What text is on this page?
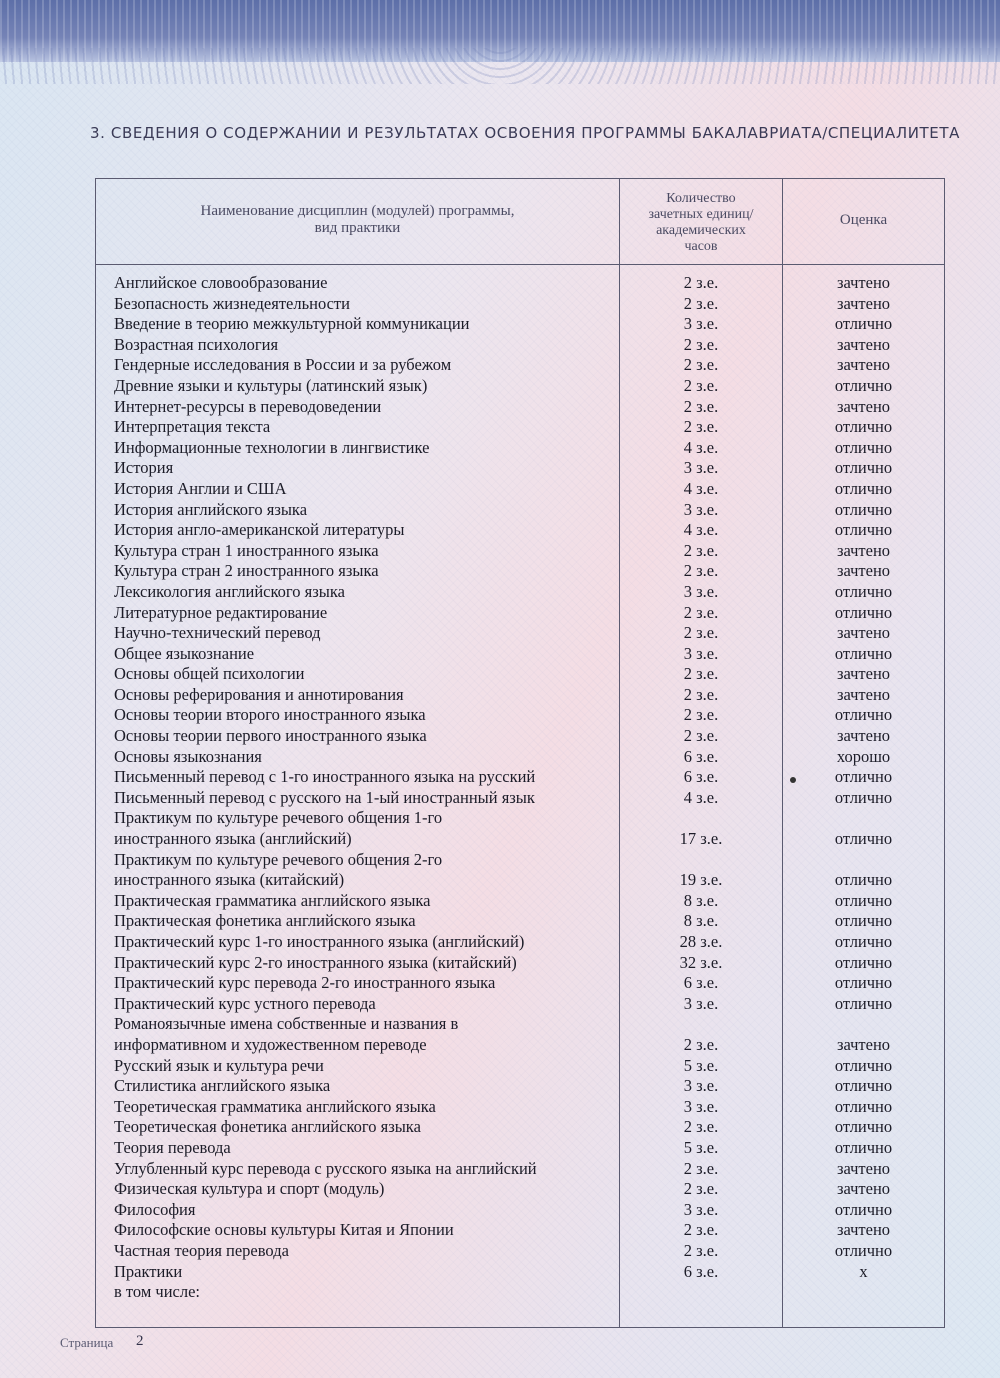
3. СВЕДЕНИЯ О СОДЕРЖАНИИ И РЕЗУЛЬТАТАХ ОСВОЕНИЯ ПРОГРАММЫ БАКАЛАВРИАТА/СПЕЦИАЛИТЕТА
Наименование дисциплин (модулей) программы,
вид практики
Количество
зачетных единиц/
академических
часов
Оценка
Английское словообразование	2 з.е.	зачтено
Безопасность жизнедеятельности	2 з.е.	зачтено
Введение в теорию межкультурной коммуникации	3 з.е.	отлично
Возрастная психология	2 з.е.	зачтено
Гендерные исследования в России и за рубежом	2 з.е.	зачтено
Древние языки и культуры (латинский язык)	2 з.е.	отлично
Интернет-ресурсы в переводоведении	2 з.е.	зачтено
Интерпретация текста	2 з.е.	отлично
Информационные технологии в лингвистике	4 з.е.	отлично
История	3 з.е.	отлично
История Англии и США	4 з.е.	отлично
История английского языка	3 з.е.	отлично
История англо-американской литературы	4 з.е.	отлично
Культура стран 1 иностранного языка	2 з.е.	зачтено
Культура стран 2 иностранного языка	2 з.е.	зачтено
Лексикология английского языка	3 з.е.	отлично
Литературное редактирование	2 з.е.	отлично
Научно-технический перевод	2 з.е.	зачтено
Общее языкознание	3 з.е.	отлично
Основы общей психологии	2 з.е.	зачтено
Основы реферирования и аннотирования	2 з.е.	зачтено
Основы теории второго иностранного языка	2 з.е.	отлично
Основы теории первого иностранного языка	2 з.е.	зачтено
Основы языкознания	6 з.е.	хорошо
Письменный перевод с 1-го иностранного языка на русский	6 з.е.	отлично
Письменный перевод с русского на 1-ый иностранный язык	4 з.е.	отлично
Практикум по культуре речевого общения 1-го
иностранного языка (английский)	17 з.е.	отлично
Практикум по культуре речевого общения 2-го
иностранного языка (китайский)	19 з.е.	отлично
Практическая грамматика английского языка	8 з.е.	отлично
Практическая фонетика английского языка	8 з.е.	отлично
Практический курс 1-го иностранного языка (английский)	28 з.е.	отлично
Практический курс 2-го иностранного языка (китайский)	32 з.е.	отлично
Практический курс перевода 2-го иностранного языка	6 з.е.	отлично
Практический курс устного перевода	3 з.е.	отлично
Романоязычные имена собственные и названия в
информативном и художественном переводе	2 з.е.	зачтено
Русский язык и культура речи	5 з.е.	отлично
Стилистика английского языка	3 з.е.	отлично
Теоретическая грамматика английского языка	3 з.е.	отлично
Теоретическая фонетика английского языка	2 з.е.	отлично
Теория перевода	5 з.е.	отлично
Углубленный курс перевода с русского языка на английский	2 з.е.	зачтено
Физическая культура и спорт (модуль)	2 з.е.	зачтено
Философия	3 з.е.	отлично
Философские основы культуры Китая и Японии	2 з.е.	зачтено
Частная теория перевода	2 з.е.	отлично
Практики	6 з.е.	х
в том числе:
Страница 2
